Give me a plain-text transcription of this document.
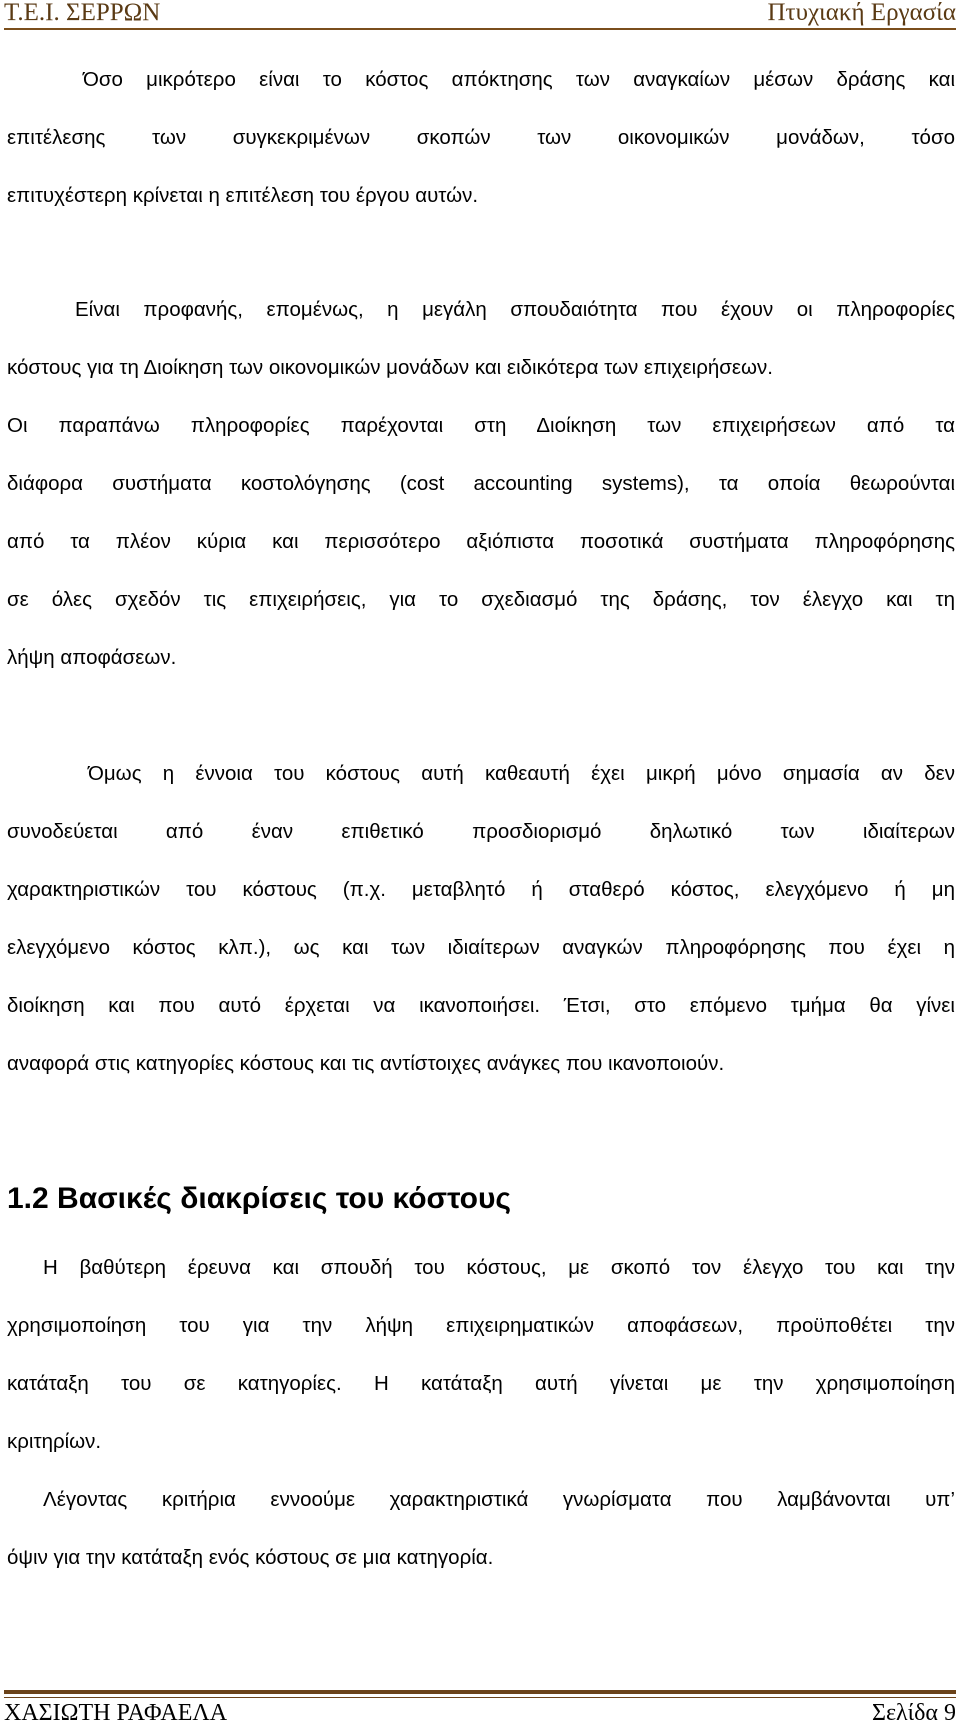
Τ.Ε.Ι. ΣΕΡΡΩΝ	Πτυχιακή Εργασία
Όσο μικρότερο είναι το κόστος απόκτησης των αναγκαίων μέσων δράσης και
επιτέλεσης των συγκεκριμένων σκοπών των οικονομικών μονάδων, τόσο
επιτυχέστερη κρίνεται η επιτέλεση του έργου αυτών.
Είναι προφανής, επομένως, η μεγάλη σπουδαιότητα που έχουν οι πληροφορίες
κόστους για τη Διοίκηση των οικονομικών μονάδων και ειδικότερα των επιχειρήσεων.
Οι παραπάνω πληροφορίες παρέχονται στη Διοίκηση των επιχειρήσεων από τα
διάφορα συστήματα κοστολόγησης (cost accounting systems), τα οποία θεωρούνται
από τα πλέον κύρια και περισσότερο αξιόπιστα ποσοτικά συστήματα πληροφόρησης
σε όλες σχεδόν τις επιχειρήσεις, για το σχεδιασμό της δράσης, τον έλεγχο και τη
λήψη αποφάσεων.
Όμως η έννοια του κόστους αυτή καθεαυτή έχει μικρή μόνο σημασία αν δεν
συνοδεύεται από έναν επιθετικό προσδιορισμό δηλωτικό των ιδιαίτερων
χαρακτηριστικών του κόστους (π.χ. μεταβλητό ή σταθερό κόστος, ελεγχόμενο ή μη
ελεγχόμενο κόστος κλπ.), ως και των ιδιαίτερων αναγκών πληροφόρησης που έχει η
διοίκηση και που αυτό έρχεται να ικανοποιήσει. Έτσι, στο επόμενο τμήμα θα γίνει
αναφορά στις κατηγορίες κόστους και τις αντίστοιχες ανάγκες που ικανοποιούν.
1.2 Βασικές διακρίσεις του κόστους
Η βαθύτερη έρευνα και σπουδή του κόστους, με σκοπό τον έλεγχο του και την
χρησιμοποίηση του για την λήψη επιχειρηματικών αποφάσεων, προϋποθέτει την
κατάταξη του σε κατηγορίες. Η κατάταξη αυτή γίνεται με την χρησιμοποίηση
κριτηρίων.
Λέγοντας κριτήρια εννοούμε χαρακτηριστικά γνωρίσματα που λαμβάνονται υπ’
όψιν για την κατάταξη ενός κόστους σε μια κατηγορία.
ΧΑΣΙΩΤΗ ΡΑΦΑΕΛΑ	Σελίδα 9
